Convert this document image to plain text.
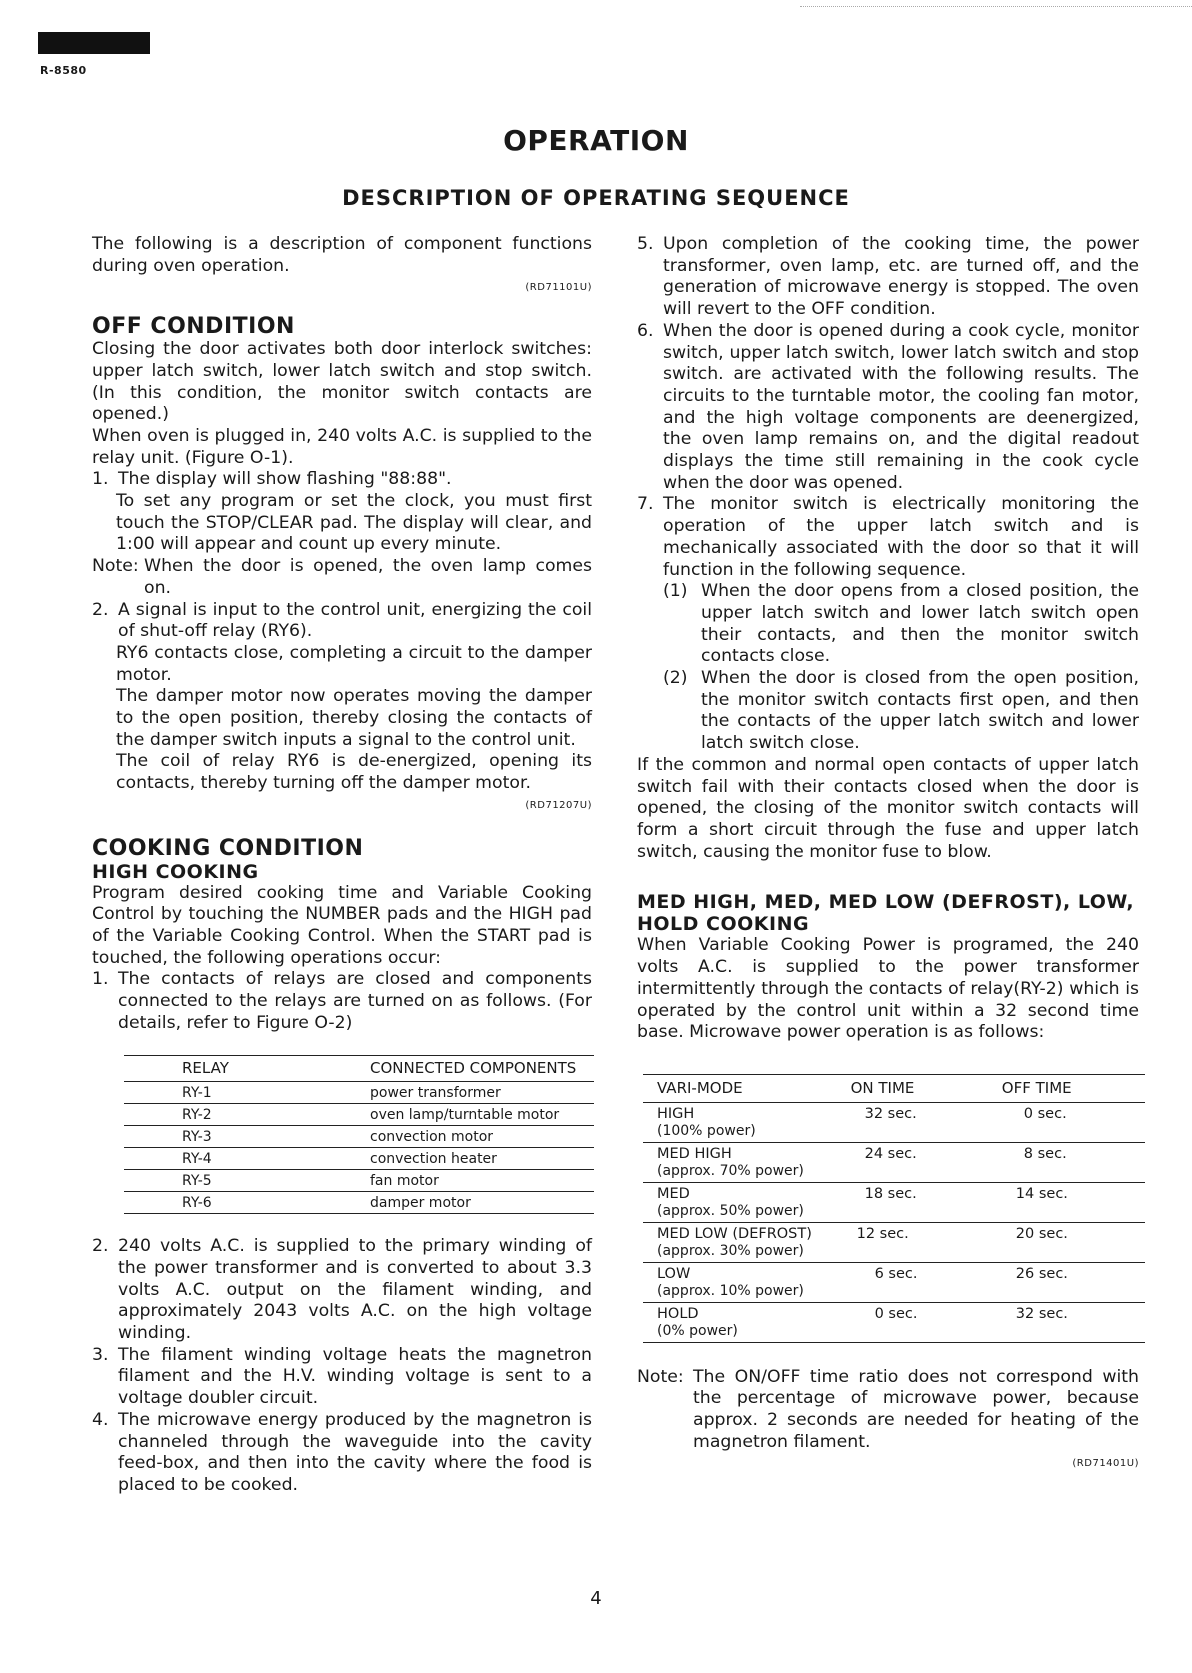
R-8580
OPERATION
DESCRIPTION OF OPERATING SEQUENCE

The following is a description of component functions during oven operation.

(RD71101U)

OFF CONDITION

Closing the door activates both door interlock switches: upper latch switch, lower latch switch and stop switch. (In this condition, the monitor switch contacts are opened.)

When oven is plugged in, 240 volts A.C. is supplied to the relay unit. (Figure O-1).

1. The display will show flashing "88:88".

To set any program or set the clock, you must first touch the STOP/CLEAR pad. The display will clear, and 1:00 will appear and count up every minute.

Note: When the door is opened, the oven lamp comes on.
2. A signal is input to the control unit, energizing the coil of shut-off relay (RY6).

RY6 contacts close, completing a circuit to the damper motor.

The damper motor now operates moving the damper to the open position, thereby closing the contacts of the damper switch inputs a signal to the control unit.

The coil of relay RY6 is de-energized, opening its contacts, thereby turning off the damper motor.

(RD71207U)

COOKING CONDITION
HIGH COOKING

Program desired cooking time and Variable Cooking Control by touching the NUMBER pads and the HIGH pad of the Variable Cooking Control. When the START pad is touched, the following operations occur:

1. The contacts of relays are closed and components connected to the relays are turned on as follows. (For details, refer to Figure O-2)
RELAY	CONNECTED COMPONENTS
RY-1	power transformer
RY-2	oven lamp/turntable motor
RY-3	convection motor
RY-4	convection heater
RY-5	fan motor
RY-6	damper motor
2. 240 volts A.C. is supplied to the primary winding of the power transformer and is converted to about 3.3 volts A.C. output on the filament winding, and approximately 2043 volts A.C. on the high voltage winding.
3. The filament winding voltage heats the magnetron filament and the H.V. winding voltage is sent to a voltage doubler circuit.
4. The microwave energy produced by the magnetron is channeled through the waveguide into the cavity feed-box, and then into the cavity where the food is placed to be cooked.
5. Upon completion of the cooking time, the power transformer, oven lamp, etc. are turned off, and the generation of microwave energy is stopped. The oven will revert to the OFF condition.
6. When the door is opened during a cook cycle, monitor switch, upper latch switch, lower latch switch and stop switch. are activated with the following results. The circuits to the turntable motor, the cooling fan motor, and the high voltage components are deenergized, the oven lamp remains on, and the digital readout displays the time still remaining in the cook cycle when the door was opened.
7. The monitor switch is electrically monitoring the operation of the upper latch switch and is mechanically associated with the door so that it will function in the following sequence.
(1) When the door opens from a closed position, the upper latch switch and lower latch switch open their contacts, and then the monitor switch contacts close.
(2) When the door is closed from the open position, the monitor switch contacts first open, and then the contacts of the upper latch switch and lower latch switch close.

If the common and normal open contacts of upper latch switch fail with their contacts closed when the door is opened, the closing of the monitor switch contacts will form a short circuit through the fuse and upper latch switch, causing the monitor fuse to blow.

MED HIGH, MED, MED LOW (DEFROST), LOW, HOLD COOKING

When Variable Cooking Power is programed, the 240 volts A.C. is supplied to the power transformer intermittently through the contacts of relay(RY-2) which is operated by the control unit within a 32 second time base. Microwave power operation is as follows:

VARI-MODE	ON TIME	OFF TIME

HIGH
(100% power)	32 sec.	0 sec.

MED HIGH
(approx. 70% power)	24 sec.	8 sec.

MED
(approx. 50% power)	18 sec.	14 sec.

MED LOW (DEFROST)
(approx. 30% power)	12 sec.	20 sec.

LOW
(approx. 10% power)	6 sec.	26 sec.

HOLD
(0% power)	0 sec.	32 sec.
Note: The ON/OFF time ratio does not correspond with the percentage of microwave power, because approx. 2 seconds are needed for heating of the magnetron filament.

(RD71401U)

4
